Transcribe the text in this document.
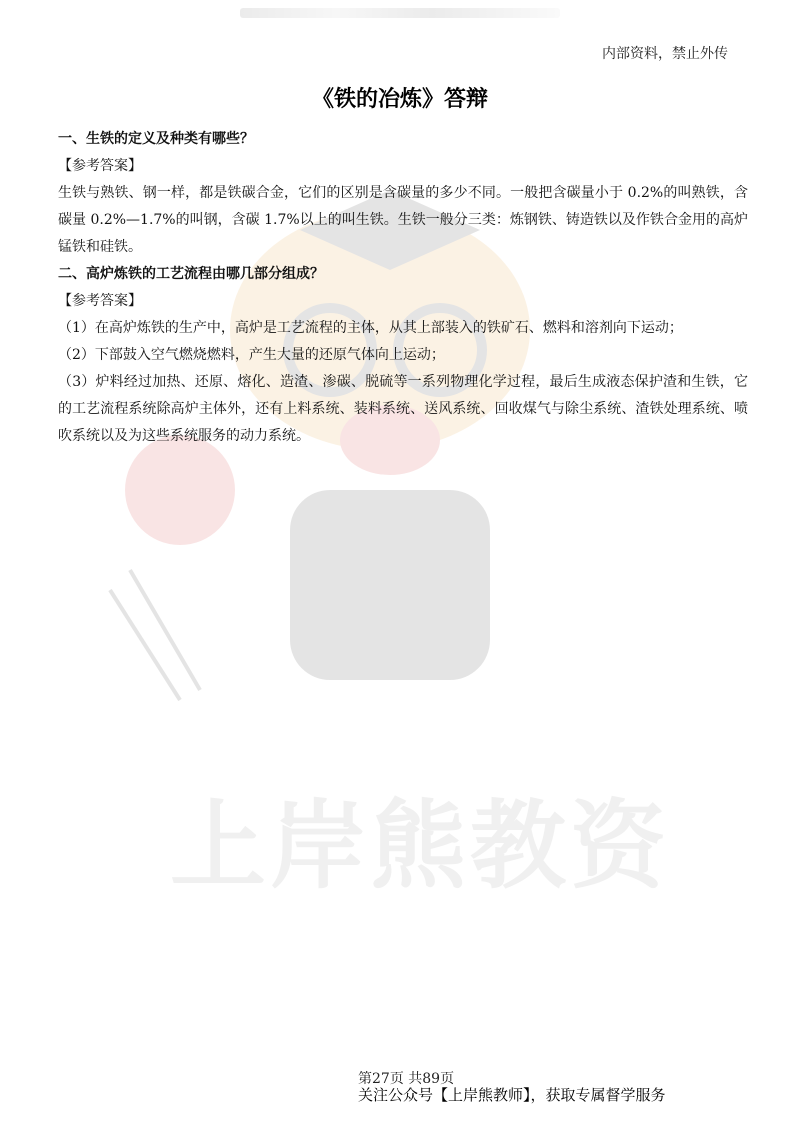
上岸熊教资
内部资料，禁止外传
《铁的冶炼》答辩

一、生铁的定义及种类有哪些？

【参考答案】

生铁与熟铁、钢一样，都是铁碳合金，它们的区别是含碳量的多少不同。一般把含碳量小于 0.2%的叫熟铁，含碳量 0.2%—1.7%的叫钢，含碳 1.7%以上的叫生铁。生铁一般分三类：炼钢铁、铸造铁以及作铁合金用的高炉锰铁和硅铁。

二、高炉炼铁的工艺流程由哪几部分组成？

【参考答案】

（1）在高炉炼铁的生产中，高炉是工艺流程的主体，从其上部装入的铁矿石、燃料和溶剂向下运动；

（2）下部鼓入空气燃烧燃料，产生大量的还原气体向上运动；

（3）炉料经过加热、还原、熔化、造渣、渗碳、脱硫等一系列物理化学过程，最后生成液态保护渣和生铁，它的工艺流程系统除高炉主体外，还有上料系统、装料系统、送风系统、回收煤气与除尘系统、渣铁处理系统、喷吹系统以及为这些系统服务的动力系统。

第27页 共89页
关注公众号【上岸熊教师】，获取专属督学服务
